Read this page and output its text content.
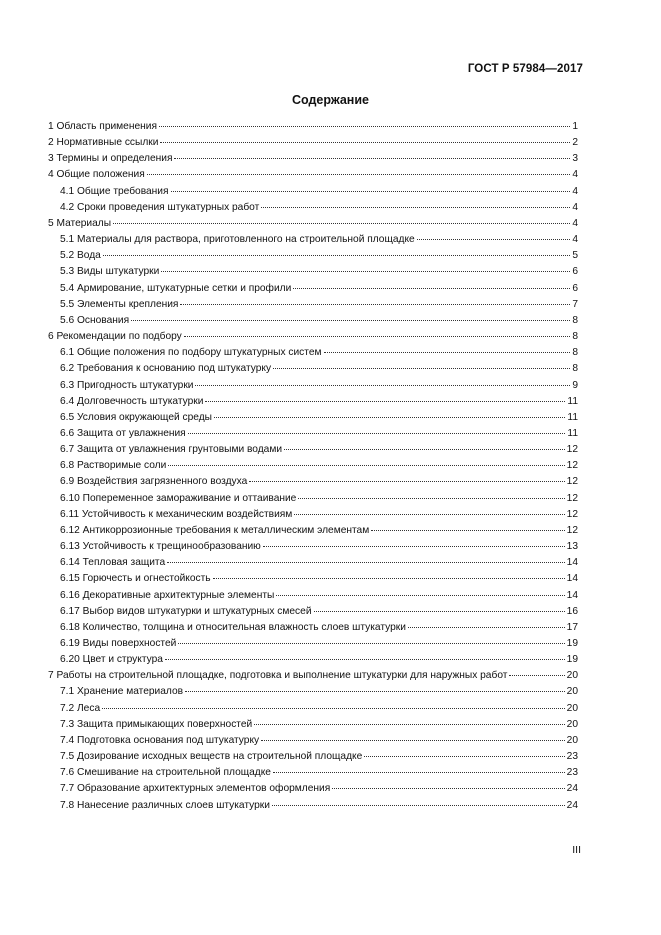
ГОСТ Р 57984—2017
Содержание
1 Область применения	1
2 Нормативные ссылки	2
3 Термины и определения	3
4 Общие положения	4
4.1 Общие требования	4
4.2 Сроки проведения штукатурных работ	4
5 Материалы	4
5.1 Материалы для раствора, приготовленного на строительной площадке	4
5.2 Вода	5
5.3 Виды штукатурки	6
5.4 Армирование, штукатурные сетки и профили	6
5.5 Элементы крепления	7
5.6 Основания	8
6 Рекомендации по подбору	8
6.1 Общие положения по подбору штукатурных систем	8
6.2 Требования к основанию под штукатурку	8
6.3 Пригодность штукатурки	9
6.4 Долговечность штукатурки	11
6.5 Условия окружающей среды	11
6.6 Защита от увлажнения	11
6.7 Защита от увлажнения грунтовыми водами	12
6.8 Растворимые соли	12
6.9 Воздействия загрязненного воздуха	12
6.10 Попеременное замораживание и оттаивание	12
6.11 Устойчивость к механическим воздействиям	12
6.12 Антикоррозионные требования к металлическим элементам	12
6.13 Устойчивость к трещинообразованию	13
6.14 Тепловая защита	14
6.15 Горючесть и огнестойкость	14
6.16 Декоративные архитектурные элементы	14
6.17 Выбор видов штукатурки и штукатурных смесей	16
6.18 Количество, толщина и относительная влажность слоев штукатурки	17
6.19 Виды поверхностей	19
6.20 Цвет и структура	19
7 Работы на строительной площадке, подготовка и выполнение штукатурки для наружных работ	20
7.1 Хранение материалов	20
7.2 Леса	20
7.3 Защита примыкающих поверхностей	20
7.4 Подготовка основания под штукатурку	20
7.5 Дозирование исходных веществ на строительной площадке	23
7.6 Смешивание на строительной площадке	23
7.7 Образование архитектурных элементов оформления	24
7.8 Нанесение различных слоев штукатурки	24
III
